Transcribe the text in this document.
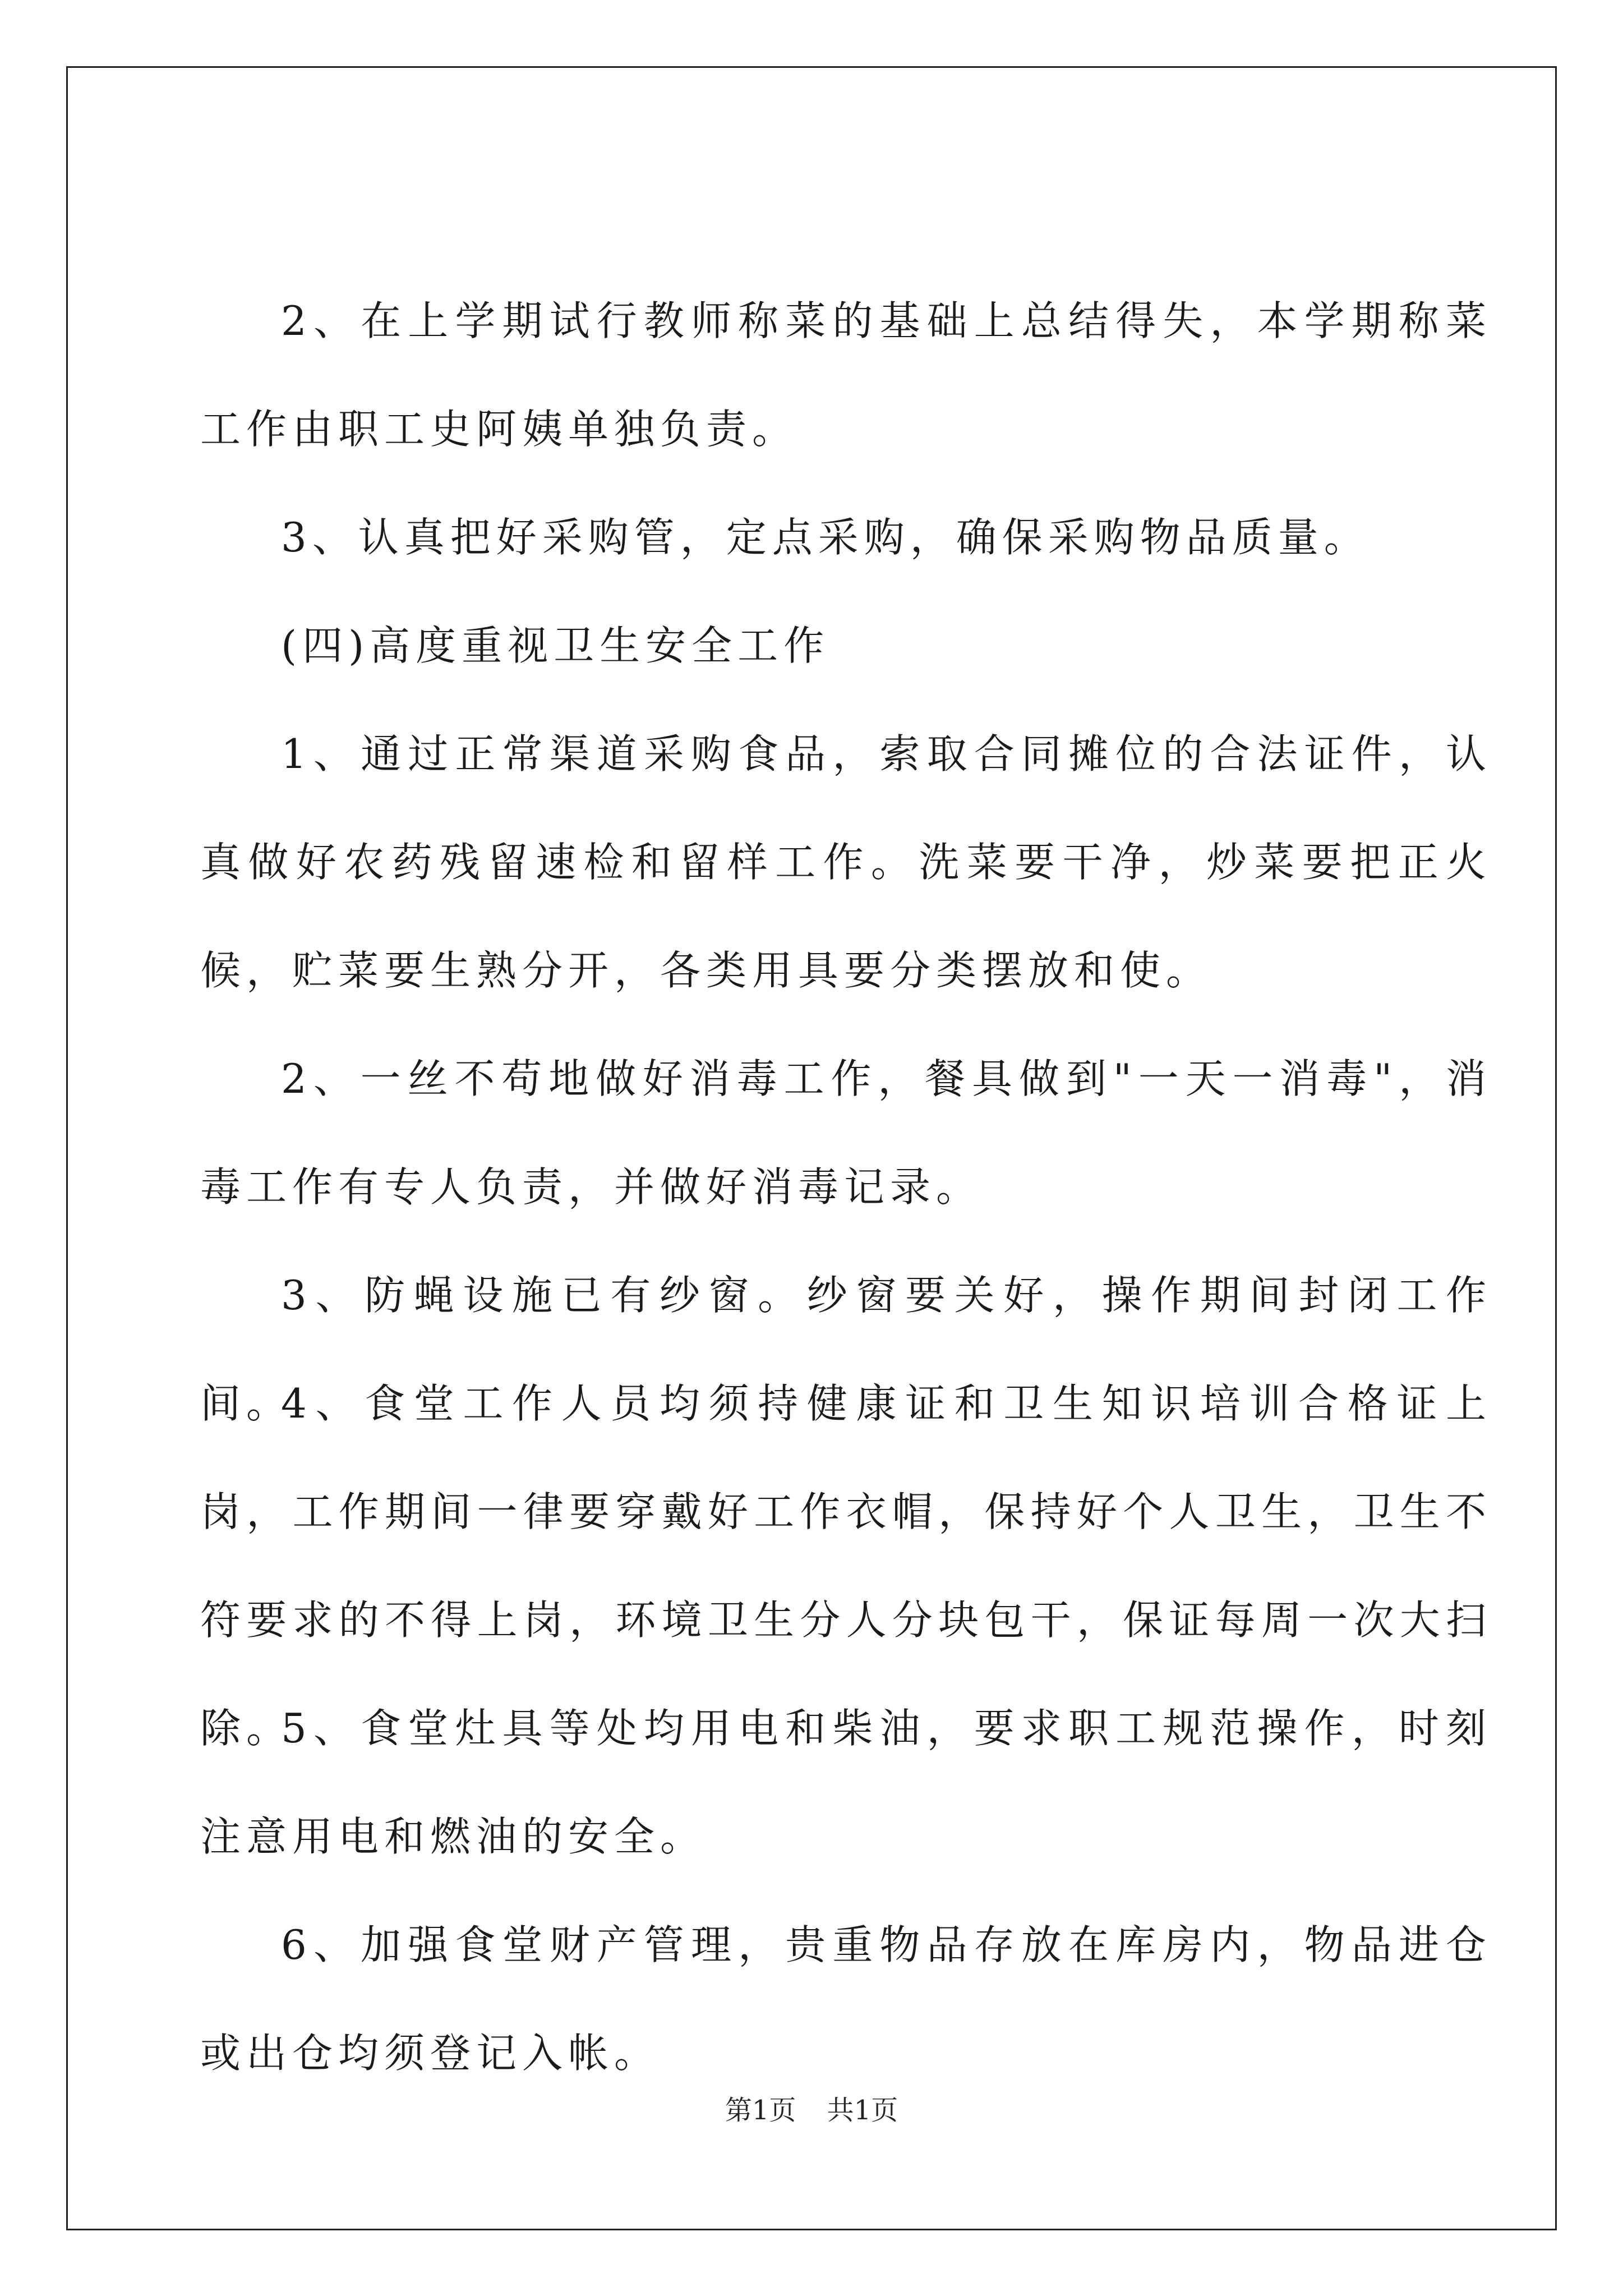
2、在上学期试行教师称菜的基础上总结得失，本学期称菜工作由职工史阿姨单独负责。

3、认真把好采购管，定点采购，确保采购物品质量。

(四)高度重视卫生安全工作

1、通过正常渠道采购食品，索取合同摊位的合法证件，认真做好农药残留速检和留样工作。洗菜要干净，炒菜要把正火候，贮菜要生熟分开，各类用具要分类摆放和使。

2、一丝不苟地做好消毒工作，餐具做到"一天一消毒"，消毒工作有专人负责，并做好消毒记录。

3、防蝇设施已有纱窗。纱窗要关好，操作期间封闭工作间。

4、食堂工作人员均须持健康证和卫生知识培训合格证上岗，工作期间一律要穿戴好工作衣帽，保持好个人卫生，卫生不符要求的不得上岗，环境卫生分人分块包干，保证每周一次大扫除。

5、食堂灶具等处均用电和柴油，要求职工规范操作，时刻注意用电和燃油的安全。

6、加强食堂财产管理，贵重物品存放在库房内，物品进仓或出仓均须登记入帐。

第1页 共1页
